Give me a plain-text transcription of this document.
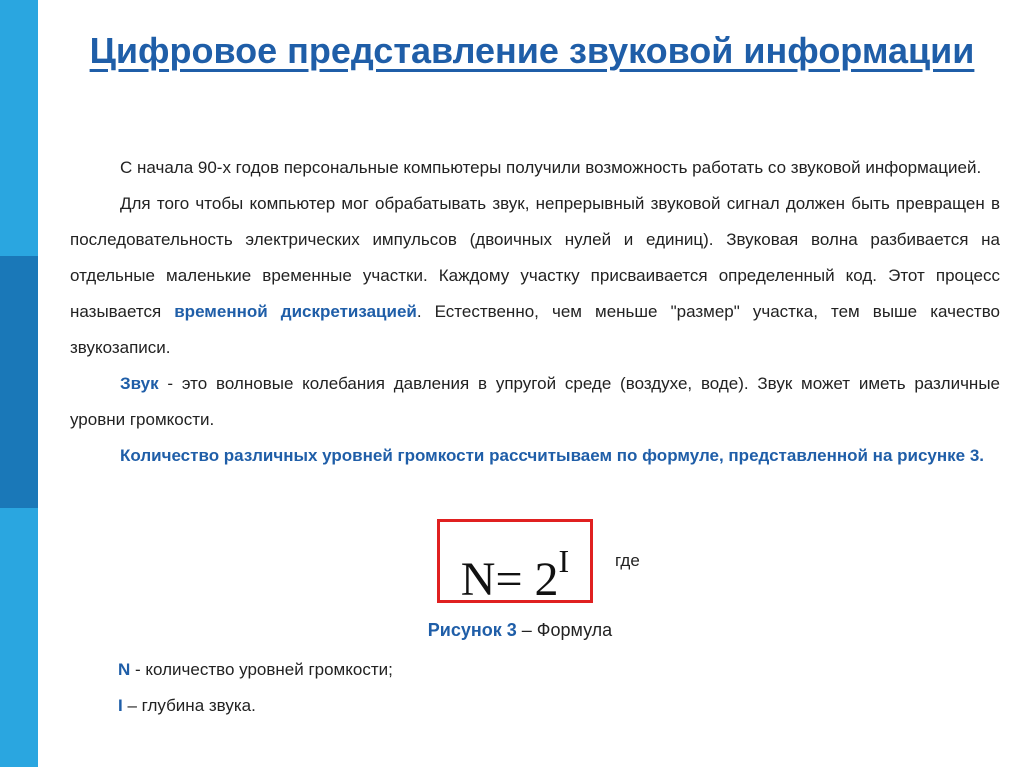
Цифровое представление звуковой информации

С начала 90-х годов персональные компьютеры получили возможность работать со звуковой информацией.

Для того чтобы компьютер мог обрабатывать звук, непрерывный звуковой сигнал должен быть превращен в последовательность электрических импульсов (двоичных нулей и единиц). Звуковая волна разбивается на отдельные маленькие временные участки. Каждому участку присваивается определенный код. Этот процесс называется временной дискретизацией. Естественно, чем меньше "размер" участка, тем выше качество звукозаписи.

Звук - это волновые колебания давления в упругой среде (воздухе, воде). Звук может иметь различные уровни громкости.

Количество различных уровней громкости рассчитываем по формуле, представленной на рисунке 3.

$N= 2^I$	где
Рисунок 3 – Формула
N - количество уровней громкости;
I – глубина звука.
